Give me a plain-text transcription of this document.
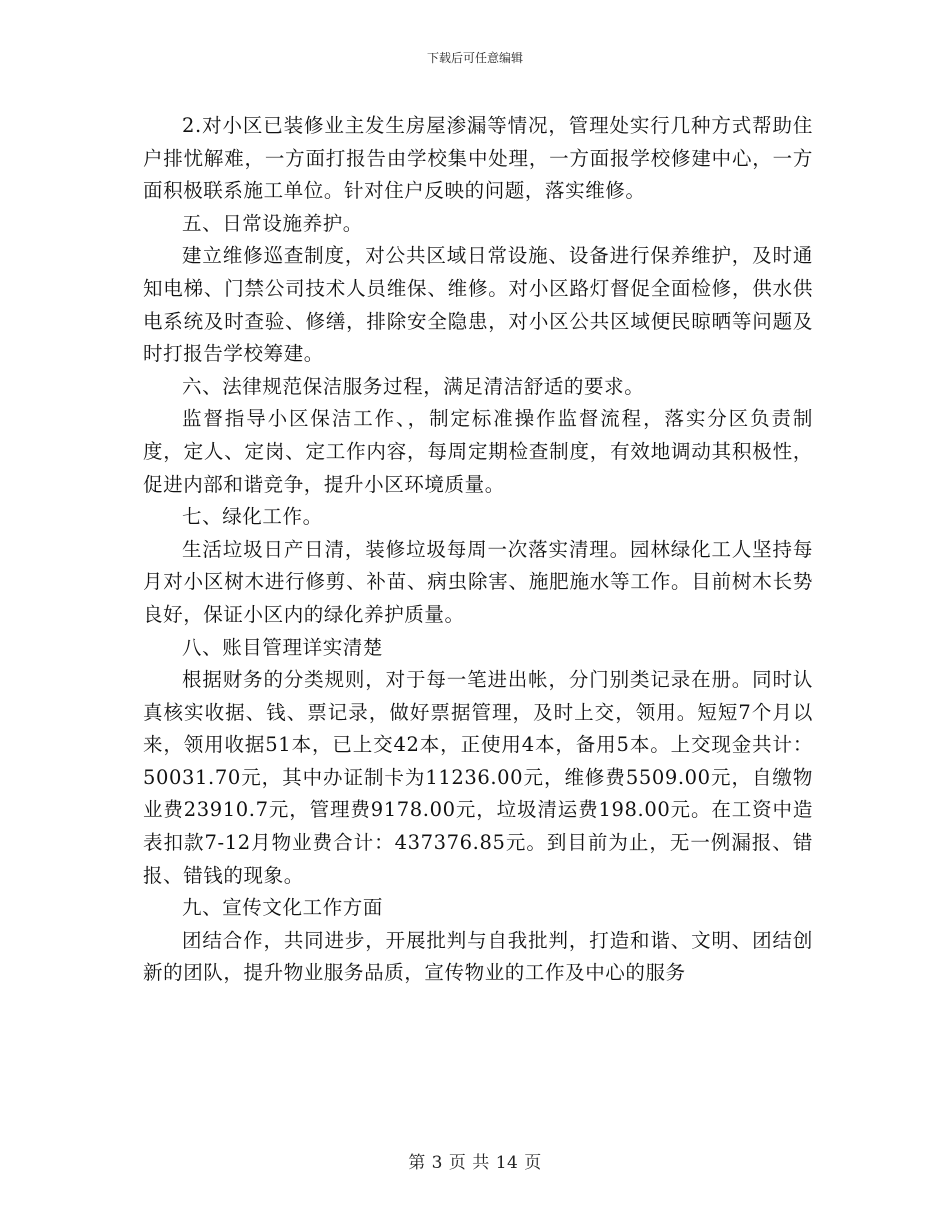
下载后可任意编辑

2.对小区已装修业主发生房屋渗漏等情况，管理处实行几种方式帮助住户排忧解难，一方面打报告由学校集中处理，一方面报学校修建中心，一方面积极联系施工单位。针对住户反映的问题，落实维修。

五、日常设施养护。

建立维修巡查制度，对公共区域日常设施、设备进行保养维护，及时通知电梯、门禁公司技术人员维保、维修。对小区路灯督促全面检修，供水供电系统及时查验、修缮，排除安全隐患，对小区公共区域便民晾晒等问题及时打报告学校筹建。

六、法律规范保洁服务过程，满足清洁舒适的要求。

监督指导小区保洁工作、，制定标准操作监督流程，落实分区负责制度，定人、定岗、定工作内容，每周定期检查制度，有效地调动其积极性，促进内部和谐竞争，提升小区环境质量。

七、绿化工作。

生活垃圾日产日清，装修垃圾每周一次落实清理。园林绿化工人坚持每月对小区树木进行修剪、补苗、病虫除害、施肥施水等工作。目前树木长势良好，保证小区内的绿化养护质量。

八、账目管理详实清楚

根据财务的分类规则，对于每一笔进出帐，分门别类记录在册。同时认真核实收据、钱、票记录，做好票据管理，及时上交，领用。短短7个月以来，领用收据51本，已上交42本，正使用4本，备用5本。上交现金共计：50031.70元，其中办证制卡为11236.00元，维修费5509.00元，自缴物业费23910.7元，管理费9178.00元，垃圾清运费198.00元。在工资中造表扣款7-12月物业费合计：437376.85元。到目前为止，无一例漏报、错报、错钱的现象。

九、宣传文化工作方面

团结合作，共同进步，开展批判与自我批判，打造和谐、文明、团结创新的团队，提升物业服务品质，宣传物业的工作及中心的服务

第 3 页 共 14 页
